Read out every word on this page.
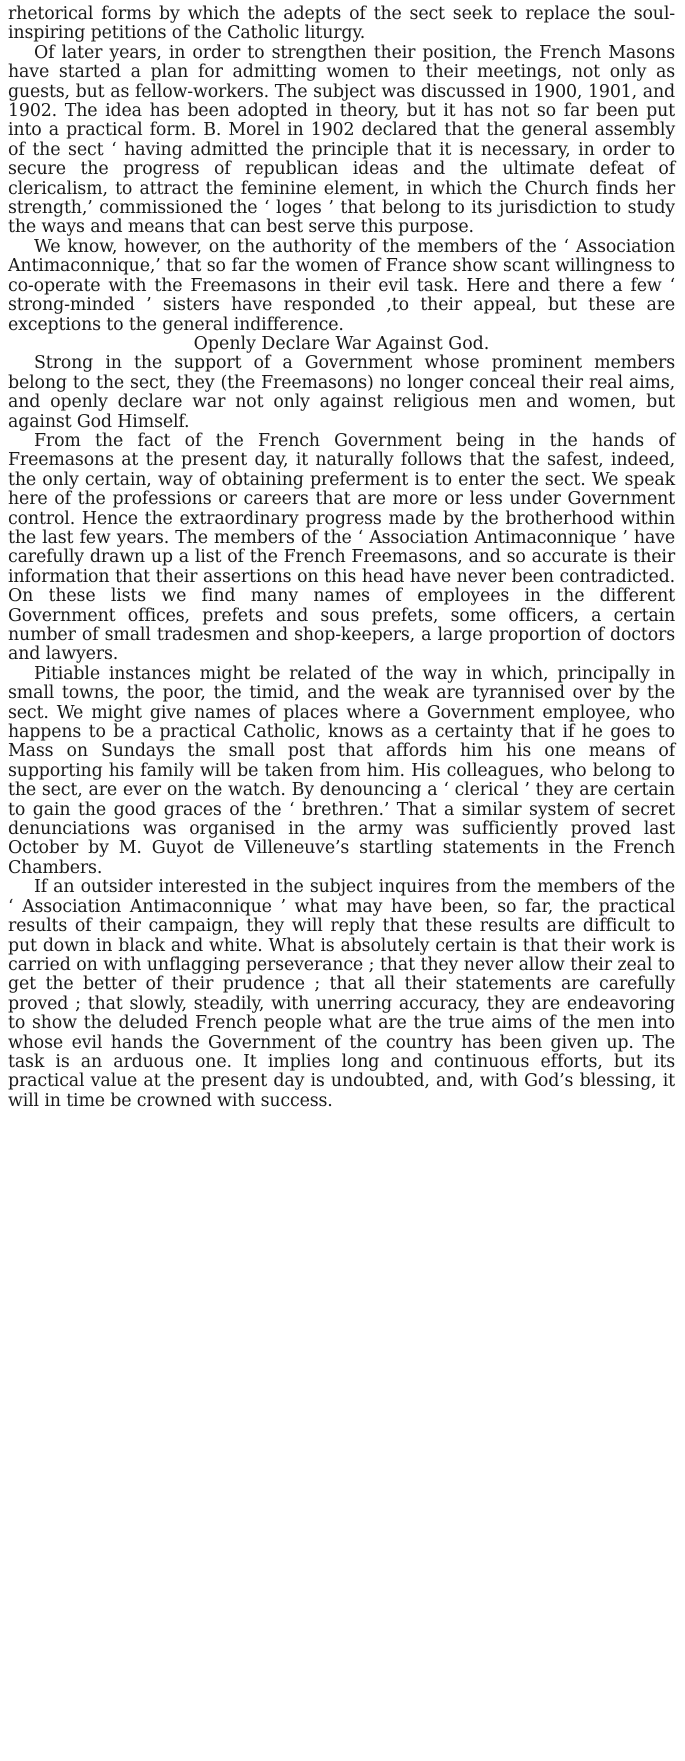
rhetorical forms by which the adepts of the sect seek to replace the soul-inspiring petitions of the Catholic liturgy.

Of later years, in order to strengthen their position, the French Masons have started a plan for admitting women to their meetings, not only as guests, but as fellow-workers. The subject was discussed in 1900, 1901, and 1902. The idea has been adopted in theory, but it has not so far been put into a practical form. B. Morel in 1902 declared that the general assembly of the sect ‘ having admitted the principle that it is necessary, in order to secure the progress of republican ideas and the ultimate defeat of clericalism, to attract the feminine element, in which the Church finds her strength,’ commissioned the ‘ loges ’ that belong to its jurisdiction to study the ways and means that can best serve this purpose.

We know, however, on the authority of the members of the ‘ Association Antimaconnique,’ that so far the women of France show scant willingness to co-operate with the Freemasons in their evil task. Here and there a few ‘ strong-minded ’ sisters have responded ,to their appeal, but these are exceptions to the general indifference.

Openly Declare War Against God.

Strong in the support of a Government whose prominent members belong to the sect, they (the Freemasons) no longer conceal their real aims, and openly declare war not only against religious men and women, but against God Himself.

From the fact of the French Government being in the hands of Freemasons at the present day, it naturally follows that the safest, indeed, the only certain, way of obtaining preferment is to enter the sect. We speak here of the professions or careers that are more or less under Government control. Hence the extraordinary progress made by the brotherhood within the last few years. The members of the ‘ Association Antimaconnique ’ have carefully drawn up a list of the French Freemasons, and so accurate is their information that their assertions on this head have never been contradicted. On these lists we find many names of employees in the different Government offices, prefets and sous prefets, some officers, a certain number of small tradesmen and shop-keepers, a large proportion of doctors and lawyers.

Pitiable instances might be related of the way in which, principally in small towns, the poor, the timid, and the weak are tyrannised over by the sect. We might give names of places where a Government employee, who happens to be a practical Catholic, knows as a certainty that if he goes to Mass on Sundays the small post that affords him his one means of supporting his family will be taken from him. His colleagues, who belong to the sect, are ever on the watch. By denouncing a ‘ clerical ’ they are certain to gain the good graces of the ‘ brethren.’ That a similar system of secret denunciations was organised in the army was sufficiently proved last October by M. Guyot de Villeneuve’s startling statements in the French Chambers.

If an outsider interested in the subject inquires from the members of the ‘ Association Antimaconnique ’ what may have been, so far, the practical results of their campaign, they will reply that these results are difficult to put down in black and white. What is absolutely certain is that their work is carried on with unflagging perseverance ; that they never allow their zeal to get the better of their prudence ; that all their statements are carefully proved ; that slowly, steadily, with unerring accuracy, they are endeavoring to show the deluded French people what are the true aims of the men into whose evil hands the Government of the country has been given up. The task is an arduous one. It implies long and continuous efforts, but its practical value at the present day is undoubted, and, with God’s blessing, it will in time be crowned with success.
